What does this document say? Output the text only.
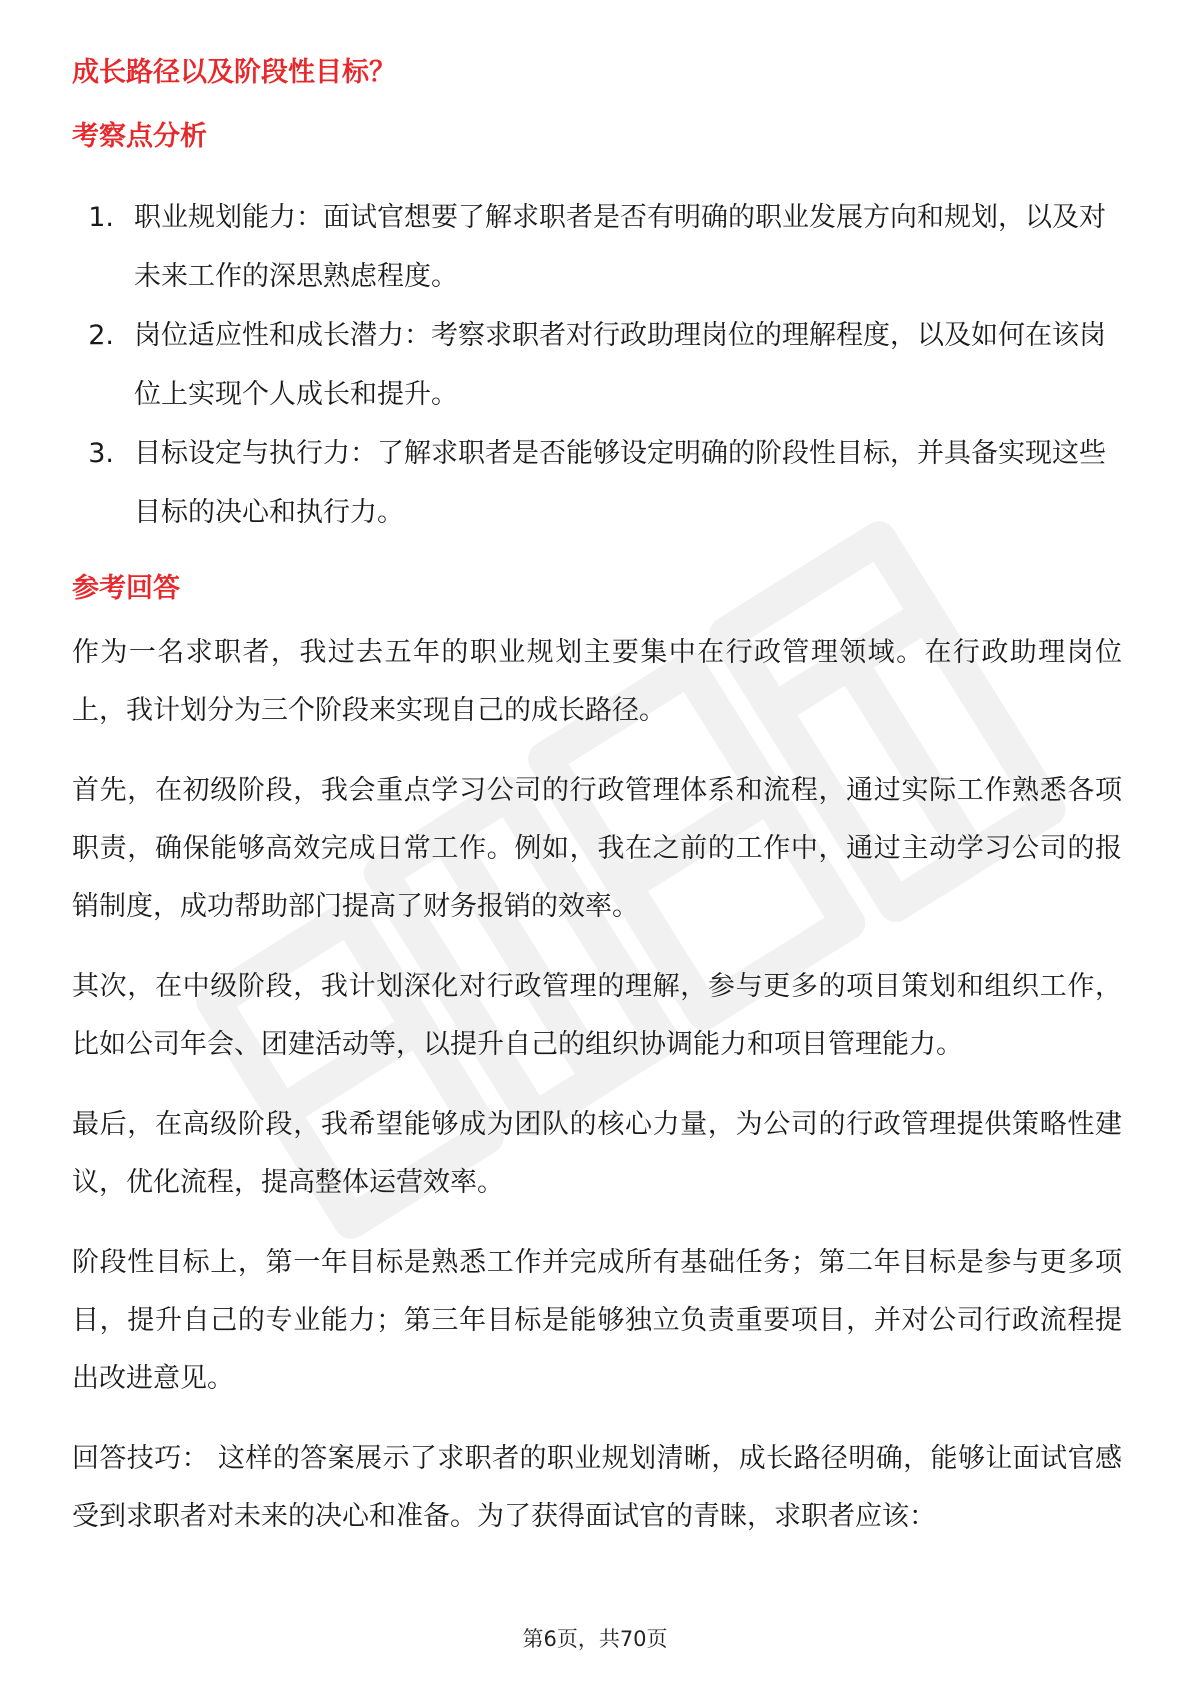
成长路径以及阶段性目标？
考察点分析
1. 职业规划能力：面试官想要了解求职者是否有明确的职业发展方向和规划，以及对未来工作的深思熟虑程度。
2. 岗位适应性和成长潜力：考察求职者对行政助理岗位的理解程度，以及如何在该岗位上实现个人成长和提升。
3. 目标设定与执行力：了解求职者是否能够设定明确的阶段性目标，并具备实现这些目标的决心和执行力。
参考回答

作为一名求职者，我过去五年的职业规划主要集中在行政管理领域。在行政助理岗位上，我计划分为三个阶段来实现自己的成长路径。

首先，在初级阶段，我会重点学习公司的行政管理体系和流程，通过实际工作熟悉各项职责，确保能够高效完成日常工作。例如，我在之前的工作中，通过主动学习公司的报销制度，成功帮助部门提高了财务报销的效率。

其次，在中级阶段，我计划深化对行政管理的理解，参与更多的项目策划和组织工作，比如公司年会、团建活动等，以提升自己的组织协调能力和项目管理能力。

最后，在高级阶段，我希望能够成为团队的核心力量，为公司的行政管理提供策略性建议，优化流程，提高整体运营效率。

阶段性目标上，第一年目标是熟悉工作并完成所有基础任务；第二年目标是参与更多项目，提升自己的专业能力；第三年目标是能够独立负责重要项目，并对公司行政流程提出改进意见。

回答技巧： 这样的答案展示了求职者的职业规划清晰，成长路径明确，能够让面试官感受到求职者对未来的决心和准备。为了获得面试官的青睐，求职者应该：

第6页，共70页
